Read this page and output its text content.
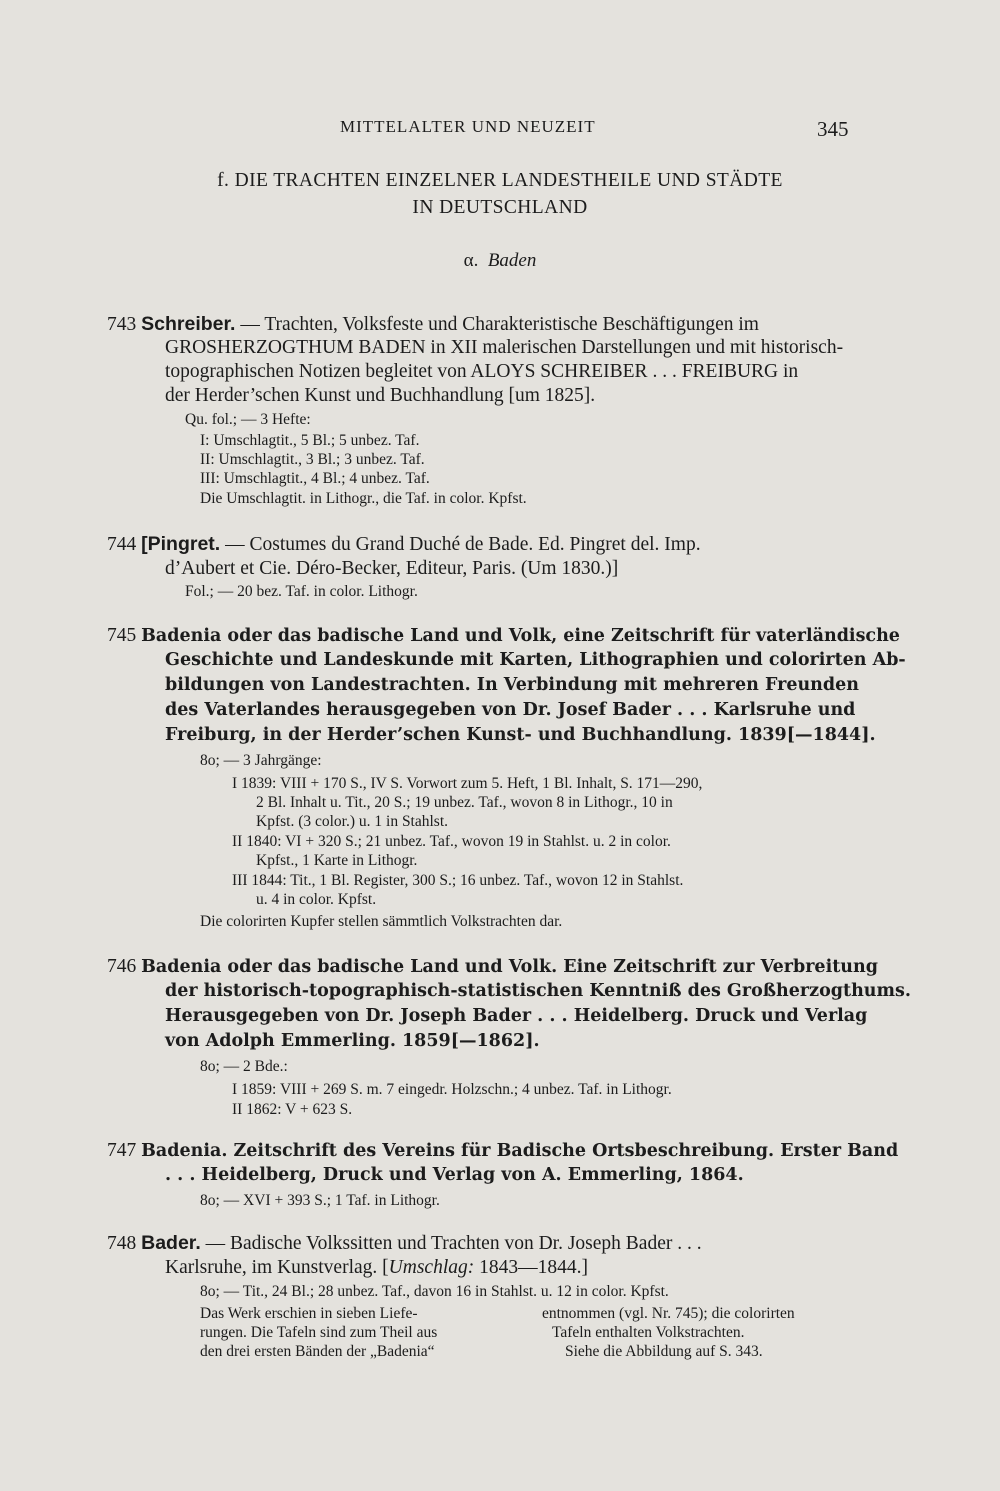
MITTELALTER UND NEUZEIT	345
f. DIE TRACHTEN EINZELNER LANDESTHEILE UND STÄDTE
IN DEUTSCHLAND
α. Baden
743 Schreiber. — Trachten, Volksfeste und Charakteristische Beschäftigungen im
GROSHERZOGTHUM BADEN in XII malerischen Darstellungen und mit historisch-
topographischen Notizen begleitet von ALOYS SCHREIBER . . . FREIBURG in
der Herder’schen Kunst und Buchhandlung [um 1825].
Qu. fol.; — 3 Hefte:
I: Umschlagtit., 5 Bl.; 5 unbez. Taf.
II: Umschlagtit., 3 Bl.; 3 unbez. Taf.
III: Umschlagtit., 4 Bl.; 4 unbez. Taf.
Die Umschlagtit. in Lithogr., die Taf. in color. Kpfst.
744 [Pingret. — Costumes du Grand Duché de Bade. Ed. Pingret del. Imp.
d’Aubert et Cie. Déro-Becker, Editeur, Paris. (Um 1830.)]
Fol.; — 20 bez. Taf. in color. Lithogr.
745 Badenia oder das badische Land und Volk, eine Zeitschrift für vaterländische
Geschichte und Landeskunde mit Karten, Lithographien und colorirten Ab-
bildungen von Landestrachten. In Verbindung mit mehreren Freunden
des Vaterlandes herausgegeben von Dr. Josef Bader . . . Karlsruhe und
Freiburg, in der Herder’schen Kunst- und Buchhandlung. 1839[—1844].
8o; — 3 Jahrgänge:
I 1839: VIII + 170 S., IV S. Vorwort zum 5. Heft, 1 Bl. Inhalt, S. 171—290,
2 Bl. Inhalt u. Tit., 20 S.; 19 unbez. Taf., wovon 8 in Lithogr., 10 in
Kpfst. (3 color.) u. 1 in Stahlst.
II 1840: VI + 320 S.; 21 unbez. Taf., wovon 19 in Stahlst. u. 2 in color.
Kpfst., 1 Karte in Lithogr.
III 1844: Tit., 1 Bl. Register, 300 S.; 16 unbez. Taf., wovon 12 in Stahlst.
u. 4 in color. Kpfst.
Die colorirten Kupfer stellen sämmtlich Volkstrachten dar.
746 Badenia oder das badische Land und Volk. Eine Zeitschrift zur Verbreitung
der historisch-topographisch-statistischen Kenntniß des Großherzogthums.
Herausgegeben von Dr. Joseph Bader . . . Heidelberg. Druck und Verlag
von Adolph Emmerling. 1859[—1862].
8o; — 2 Bde.:
I 1859: VIII + 269 S. m. 7 eingedr. Holzschn.; 4 unbez. Taf. in Lithogr.
II 1862: V + 623 S.
747 Badenia. Zeitschrift des Vereins für Badische Ortsbeschreibung. Erster Band
. . . Heidelberg, Druck und Verlag von A. Emmerling, 1864.
8o; — XVI + 393 S.; 1 Taf. in Lithogr.
748 Bader. — Badische Volkssitten und Trachten von Dr. Joseph Bader . . .
Karlsruhe, im Kunstverlag. [Umschlag: 1843—1844.]
8o; — Tit., 24 Bl.; 28 unbez. Taf., davon 16 in Stahlst. u. 12 in color. Kpfst.
Das Werk erschien in sieben Liefe-
rungen. Die Tafeln sind zum Theil aus
den drei ersten Bänden der „Badenia“
entnommen (vgl. Nr. 745); die colorirten
Tafeln enthalten Volkstrachten.
Siehe die Abbildung auf S. 343.
